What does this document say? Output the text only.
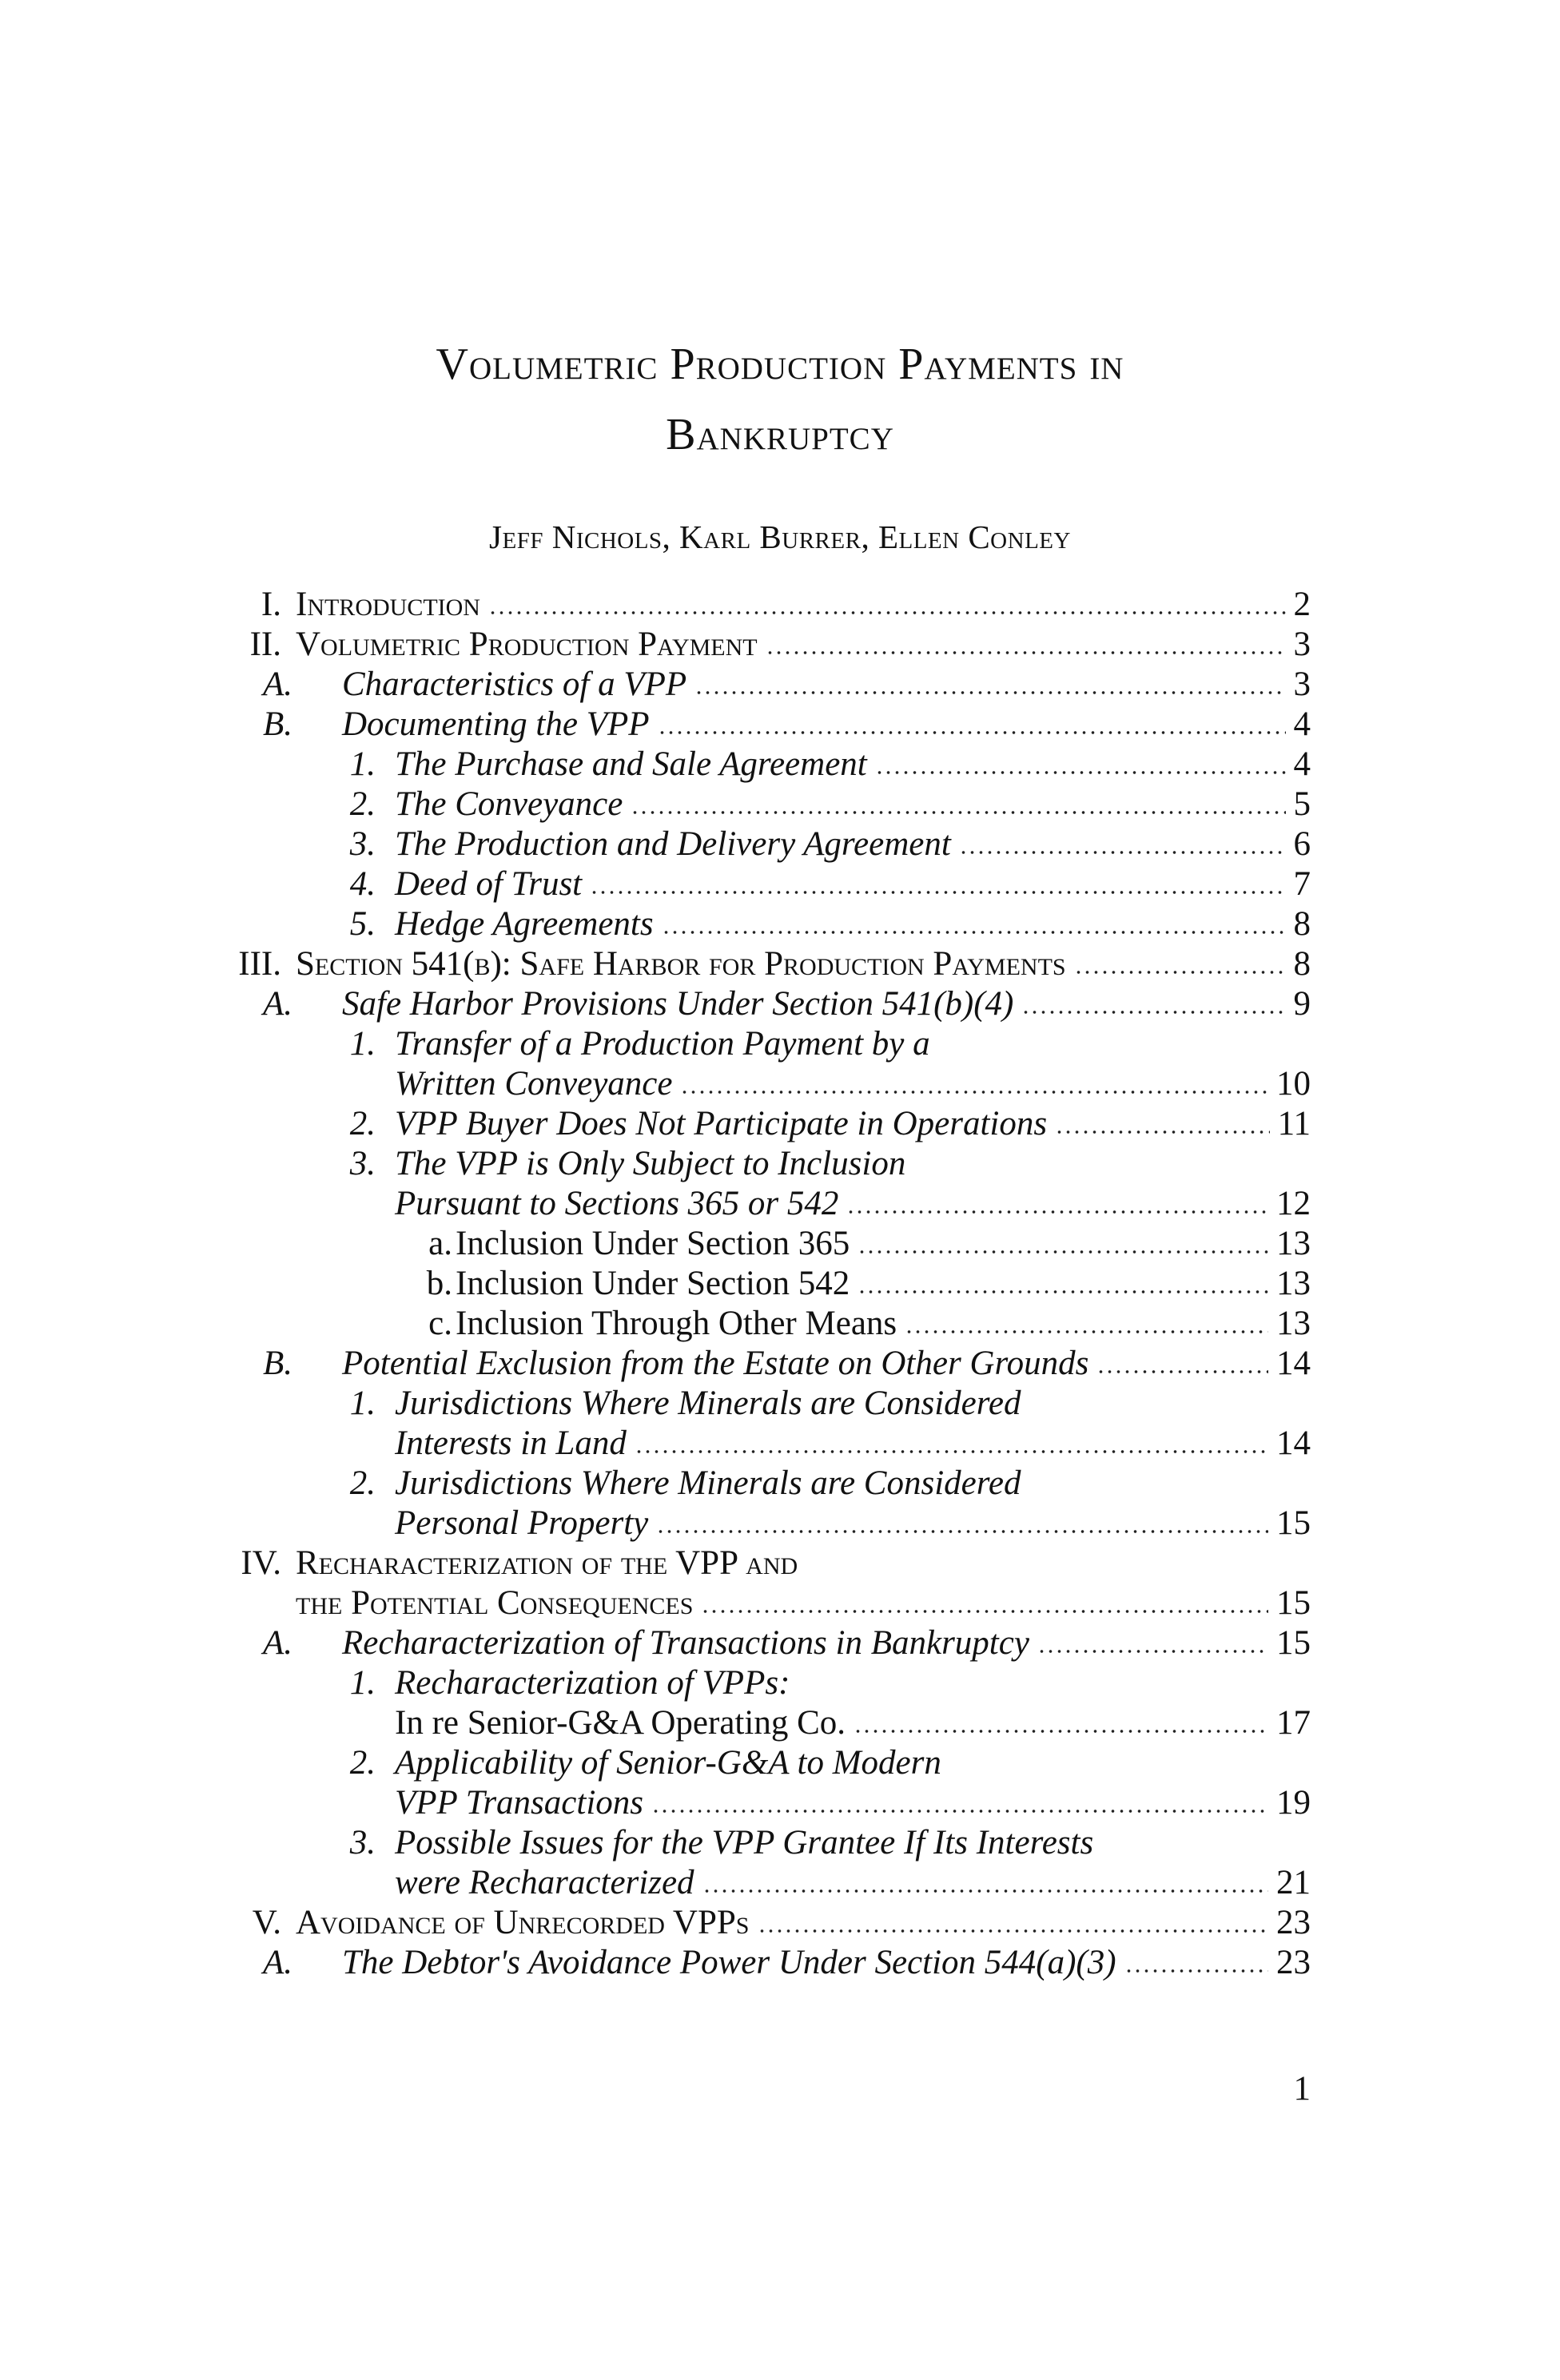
Volumetric Production Payments in
Bankruptcy
Jeff Nichols, Karl Burrer, Ellen Conley
I. Introduction	2
II. Volumetric Production Payment	3
A. Characteristics of a VPP	3
B. Documenting the VPP	4
1. The Purchase and Sale Agreement	4
2. The Conveyance	5
3. The Production and Delivery Agreement	6
4. Deed of Trust	7
5. Hedge Agreements	8
III. Section 541(b): Safe Harbor for Production Payments	8
A. Safe Harbor Provisions Under Section 541(b)(4)	9
1. Transfer of a Production Payment by a
Written Conveyance	10
2. VPP Buyer Does Not Participate in Operations	11
3. The VPP is Only Subject to Inclusion
Pursuant to Sections 365 or 542	12
a. Inclusion Under Section 365	13
b. Inclusion Under Section 542	13
c. Inclusion Through Other Means	13
B. Potential Exclusion from the Estate on Other Grounds	14
1. Jurisdictions Where Minerals are Considered
Interests in Land	14
2. Jurisdictions Where Minerals are Considered
Personal Property	15
IV. Recharacterization of the VPP and
the Potential Consequences	15
A. Recharacterization of Transactions in Bankruptcy	15
1. Recharacterization of VPPs:
In re Senior-G&A Operating Co.	17
2. Applicability of Senior-G&A to Modern
VPP Transactions	19
3. Possible Issues for the VPP Grantee If Its Interests
were Recharacterized	21
V. Avoidance of Unrecorded VPPs	23
A. The Debtor's Avoidance Power Under Section 544(a)(3)	23
1
